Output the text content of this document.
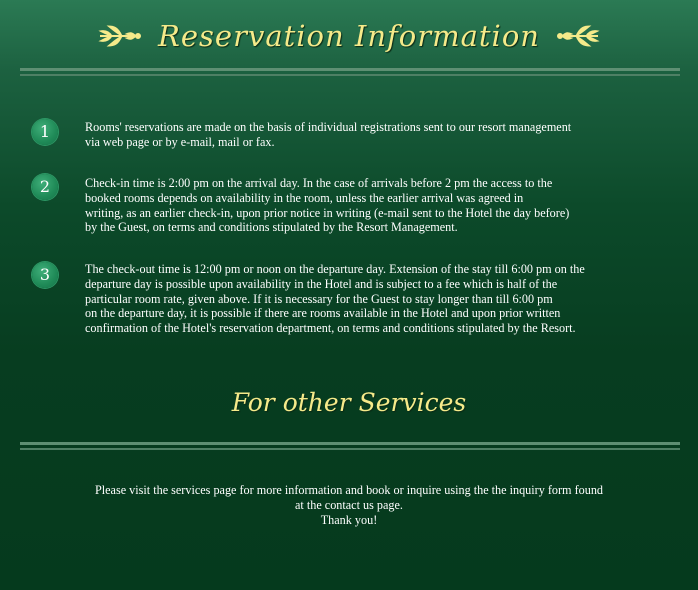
Reservation Information
1	Rooms' reservations are made on the basis of individual registrations sent to our resort management
via web page or by e-mail, mail or fax.

2	Check-in time is 2:00 pm on the arrival day. In the case of arrivals before 2 pm the access to the
booked rooms depends on availability in the room, unless the earlier arrival was agreed in
writing, as an earlier check-in, upon prior notice in writing (e-mail sent to the Hotel the day before)
by the Guest, on terms and conditions stipulated by the Resort Management.

3	The check-out time is 12:00 pm or noon on the departure day. Extension of the stay till 6:00 pm on the
departure day is possible upon availability in the Hotel and is subject to a fee which is half of the
particular room rate, given above. If it is necessary for the Guest to stay longer than till 6:00 pm
on the departure day, it is possible if there are rooms available in the Hotel and upon prior written
confirmation of the Hotel's reservation department, on terms and conditions stipulated by the Resort.

For other Services
Please visit the services page for more information and book or inquire using the the inquiry form found
at the contact us page.
Thank you!
